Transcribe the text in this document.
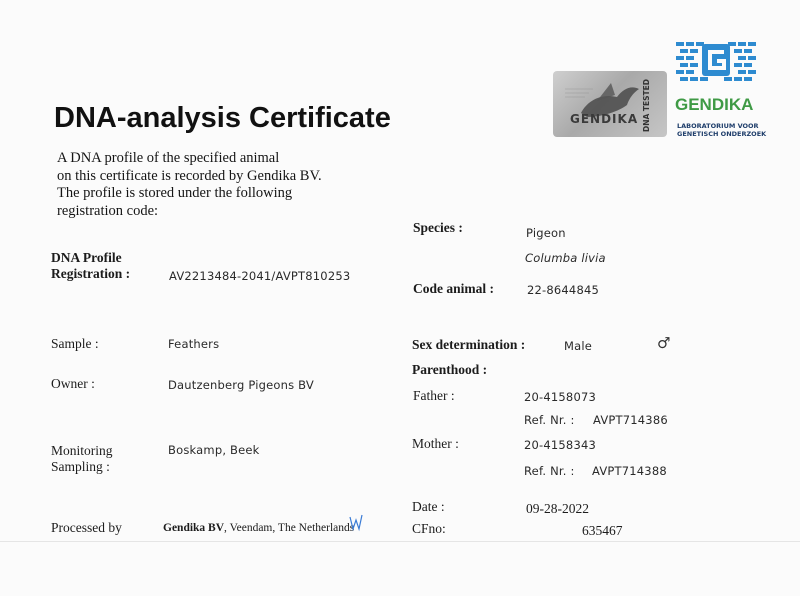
DNA-analysis Certificate
A DNA profile of the specified animal
on this certificate is recorded by Gendika BV.
The profile is stored under the following
registration code:
GENDIKA DNA TESTED	GENDIKA
LABORATORIUM VOOR
GENETISCH ONDERZOEK
DNA Profile
Registration :	AV2213484-2041/AVPT810253
Sample :	Feathers
Owner :	Dautzenberg Pigeons BV
Monitoring
Sampling :
Boskamp, Beek
Processed by	Gendika BV, Veendam, The Netherlands
Species :	Pigeon
Columba livia
Code animal :	22-8644845
Sex determination :	Male	♂
Parenthood :
Father :	20-4158073
Ref. Nr. : AVPT714386
Mother :	20-4158343
Ref. Nr. : AVPT714388
Date :	09-28-2022
CFno:	635467
